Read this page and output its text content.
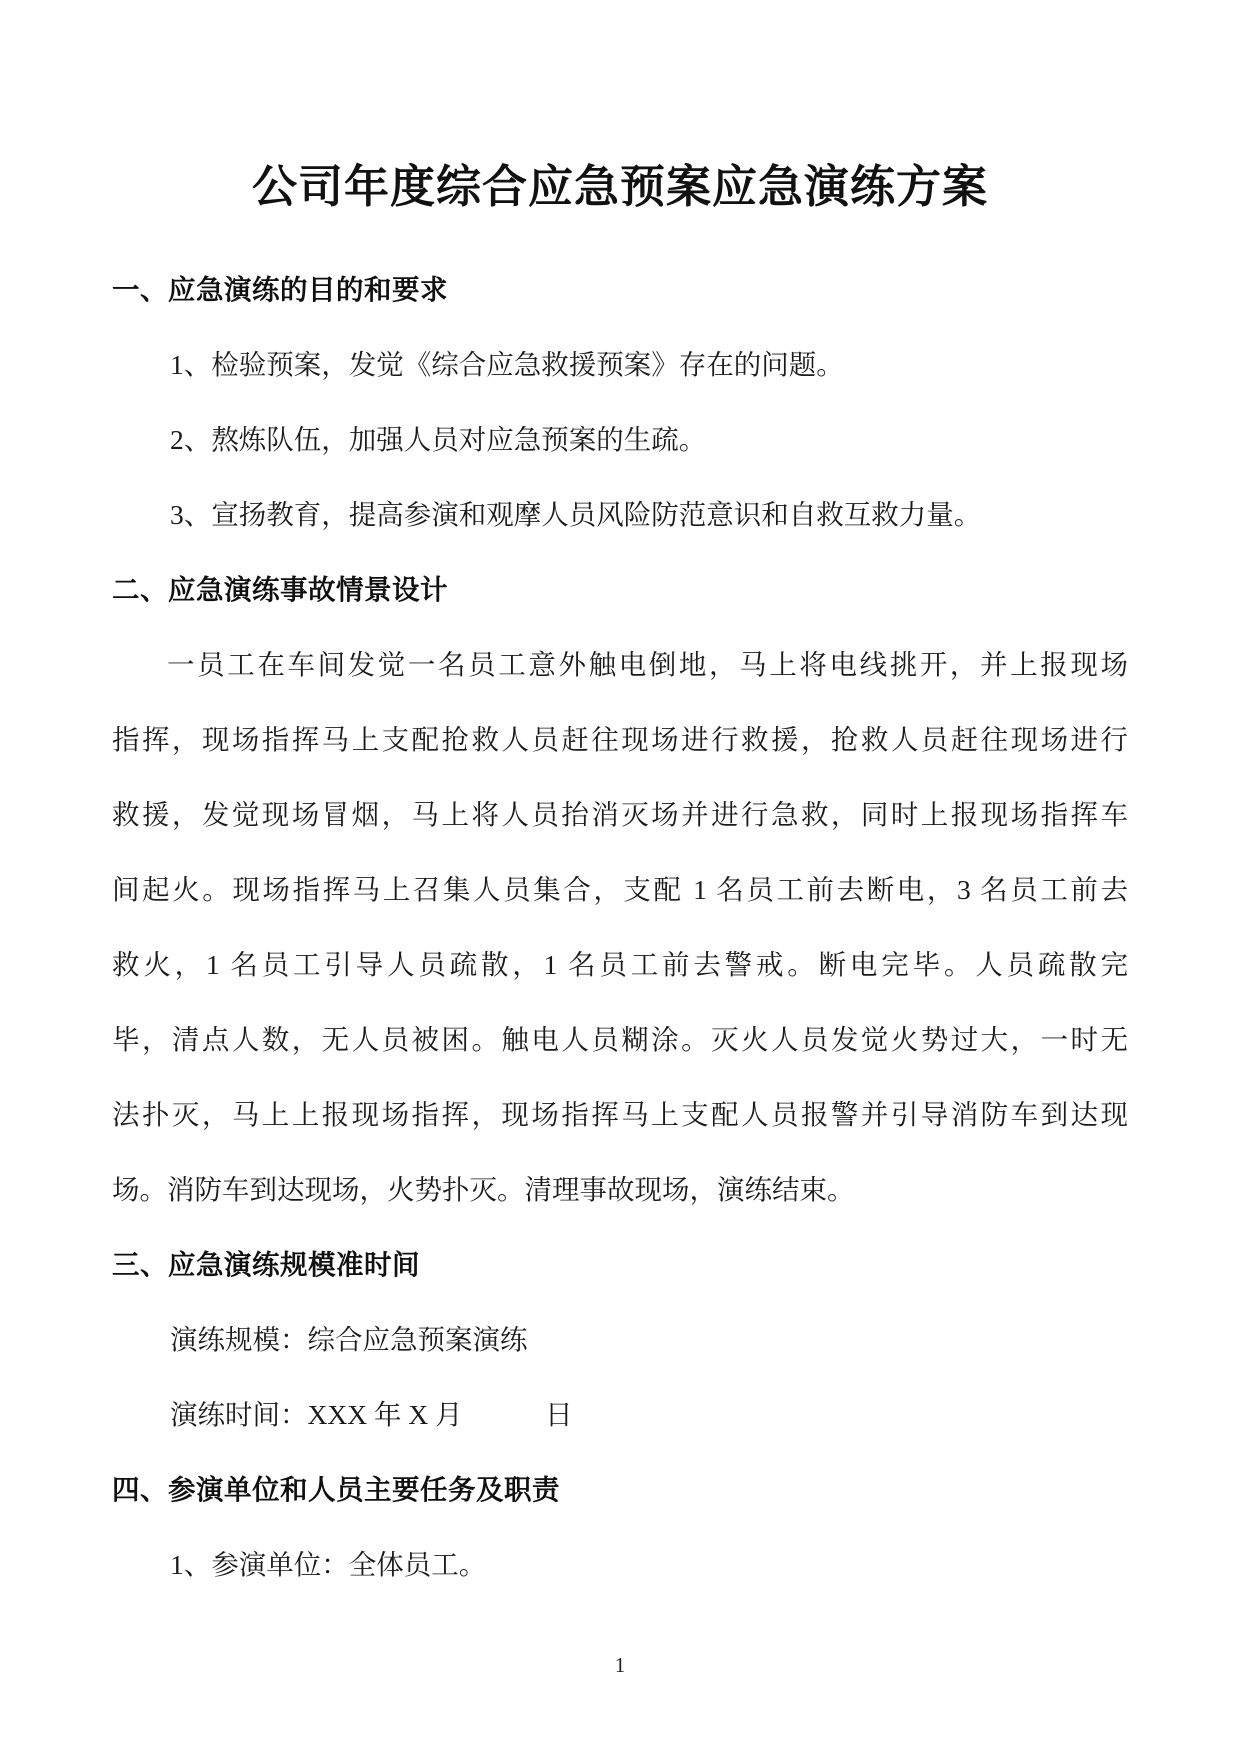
公司年度综合应急预案应急演练方案

一、应急演练的目的和要求

1、检验预案，发觉《综合应急救援预案》存在的问题。

2、熬炼队伍，加强人员对应急预案的生疏。

3、宣扬教育，提高参演和观摩人员风险防范意识和自救互救力量。

二、应急演练事故情景设计

一员工在车间发觉一名员工意外触电倒地，马上将电线挑开，并上报现场

指挥，现场指挥马上支配抢救人员赶往现场进行救援，抢救人员赶往现场进行

救援，发觉现场冒烟，马上将人员抬消灭场并进行急救，同时上报现场指挥车

间起火。现场指挥马上召集人员集合，支配 1 名员工前去断电，3 名员工前去

救火，1 名员工引导人员疏散，1 名员工前去警戒。断电完毕。人员疏散完

毕，清点人数，无人员被困。触电人员糊涂。灭火人员发觉火势过大，一时无

法扑灭，马上上报现场指挥，现场指挥马上支配人员报警并引导消防车到达现

场。消防车到达现场，火势扑灭。清理事故现场，演练结束。

三、应急演练规模准时间

演练规模：综合应急预案演练

演练时间：XXX 年 X 月　　　日

四、参演单位和人员主要任务及职责

1、参演单位：全体员工。

1
